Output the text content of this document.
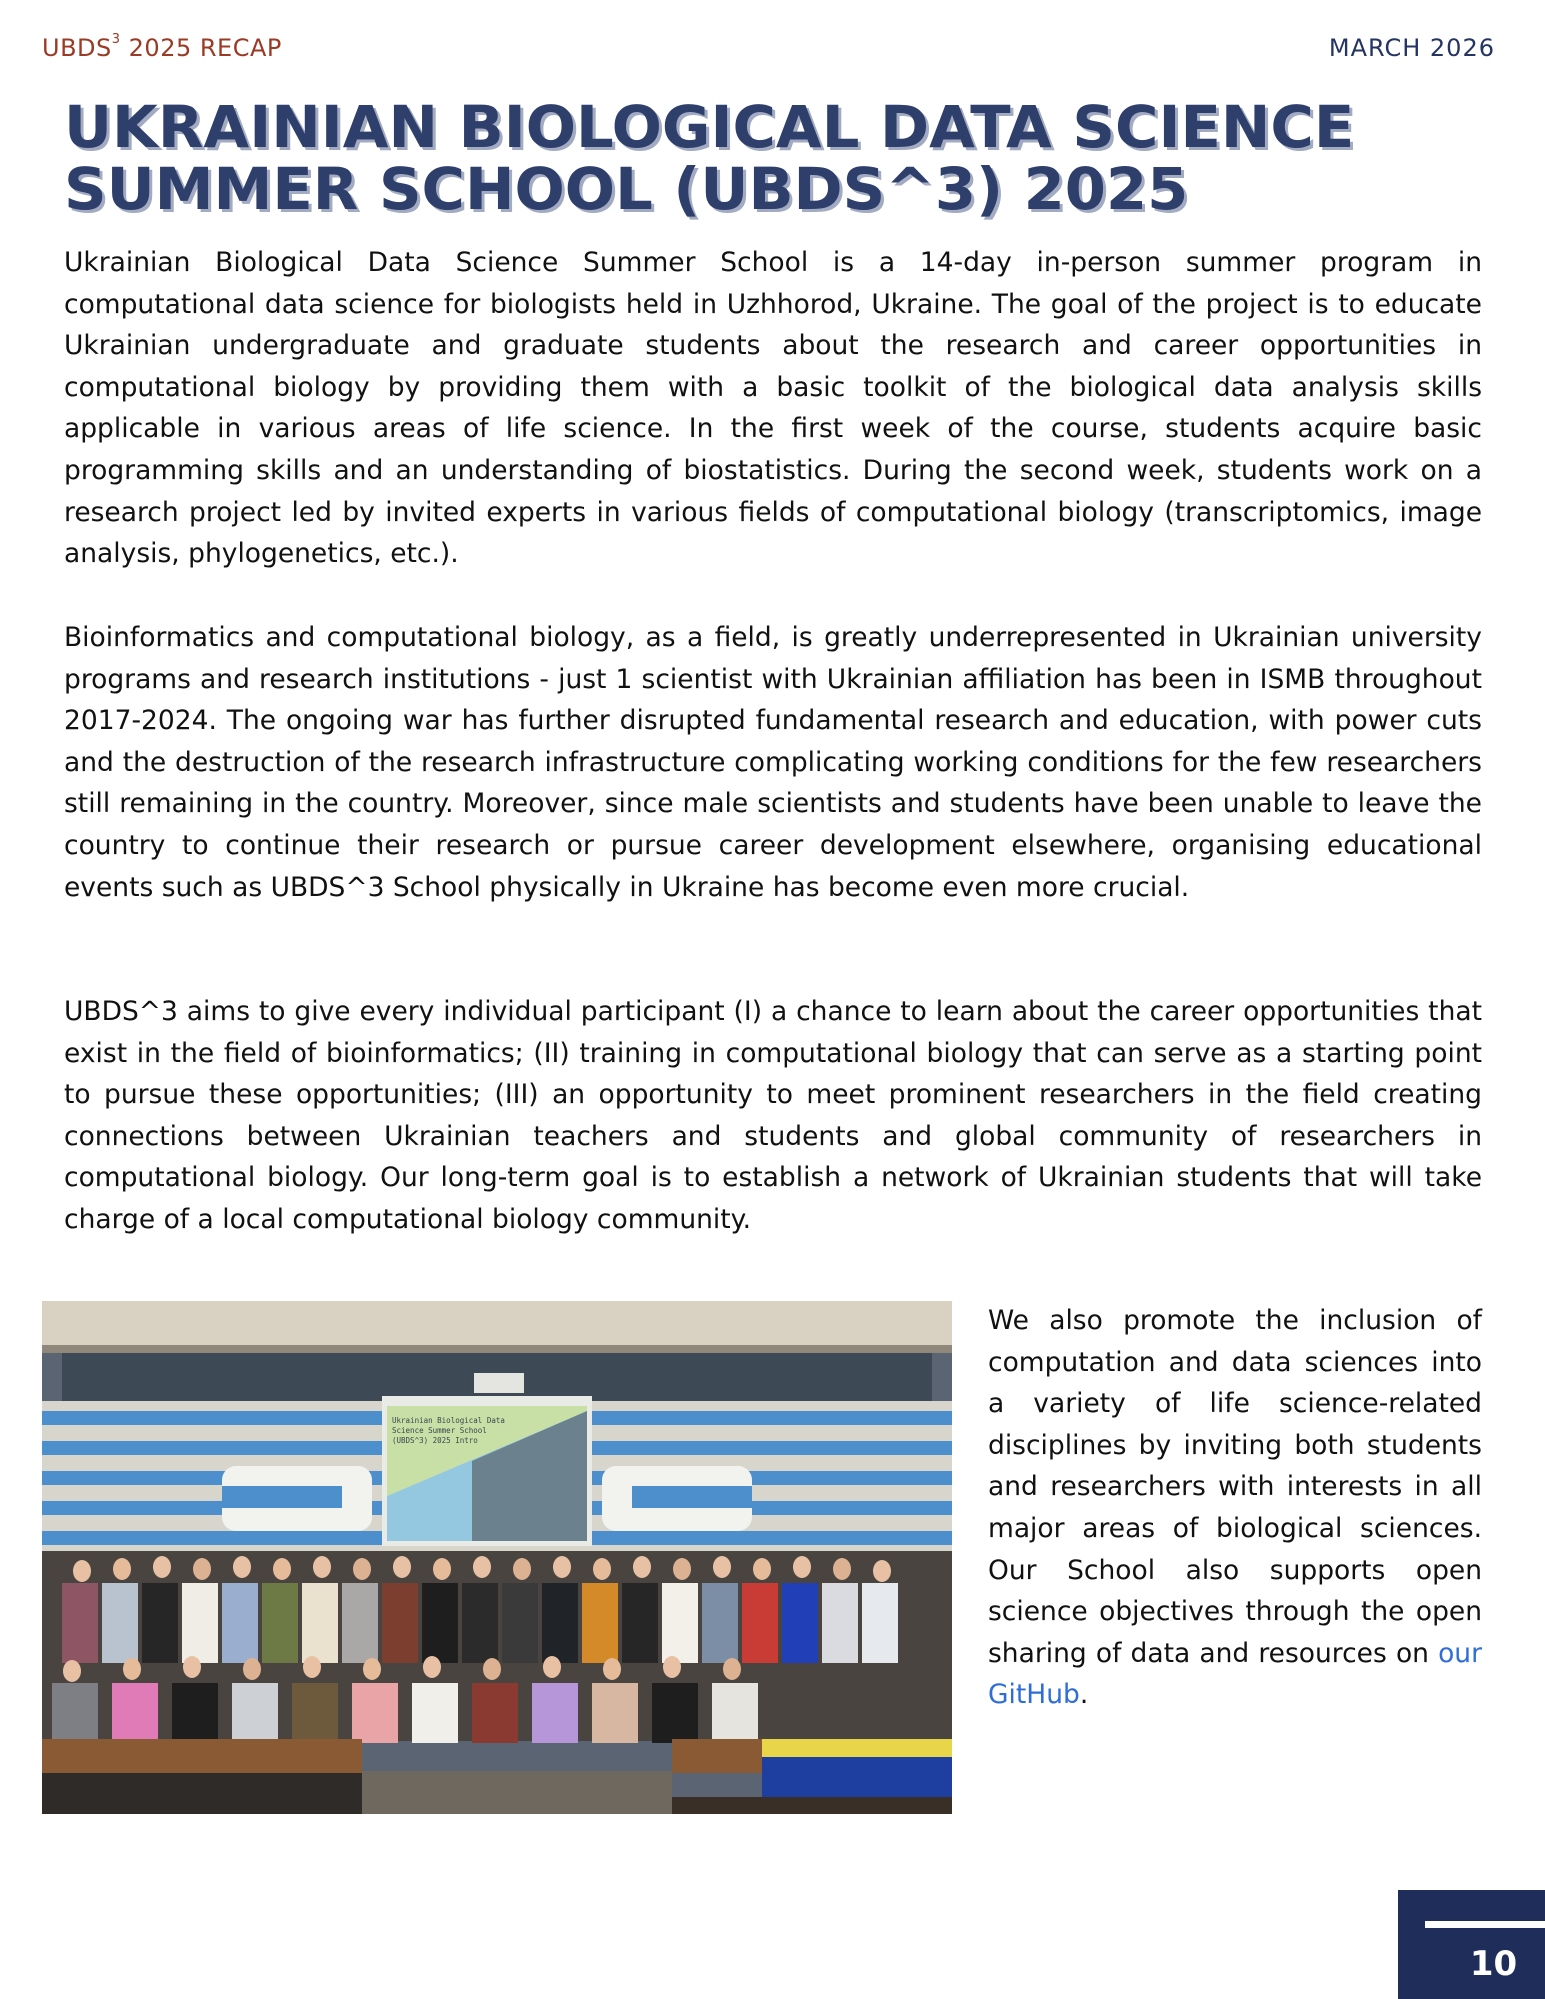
UBDS$^3$ 2025 RECAP	MARCH 2026
UKRAINIAN BIOLOGICAL DATA SCIENCE SUMMER SCHOOL (UBDS^3) 2025

Ukrainian Biological Data Science Summer School is a 14-day in-person summer program in computational data science for biologists held in Uzhhorod, Ukraine. The goal of the project is to educate Ukrainian undergraduate and graduate students about the research and career opportunities in computational biology by providing them with a basic toolkit of the biological data analysis skills applicable in various areas of life science. In the first week of the course, students acquire basic programming skills and an understanding of biostatistics. During the second week, students work on a research project led by invited experts in various fields of computational biology (transcriptomics, image analysis, phylogenetics, etc.).

Bioinformatics and computational biology, as a field, is greatly underrepresented in Ukrainian university programs and research institutions - just 1 scientist with Ukrainian affiliation has been in ISMB throughout 2017-2024. The ongoing war has further disrupted fundamental research and education, with power cuts and the destruction of the research infrastructure complicating working conditions for the few researchers still remaining in the country. Moreover, since male scientists and students have been unable to leave the country to continue their research or pursue career development elsewhere, organising educational events such as UBDS^3 School physically in Ukraine has become even more crucial.

UBDS^3 aims to give every individual participant (I) a chance to learn about the career opportunities that exist in the field of bioinformatics; (II) training in computational biology that can serve as a starting point to pursue these opportunities; (III) an opportunity to meet prominent researchers in the field creating connections between Ukrainian teachers and students and global community of researchers in computational biology. Our long-term goal is to establish a network of Ukrainian students that will take charge of a local computational biology community.

Ukrainian Biological Data
Science Summer School
(UBDS^3) 2025 Intro

We also promote the inclusion of computation and data sciences into a variety of life science-related disciplines by inviting both students and researchers with interests in all major areas of biological sciences. Our School also supports open science objectives through the open sharing of data and resources on our GitHub.

10
